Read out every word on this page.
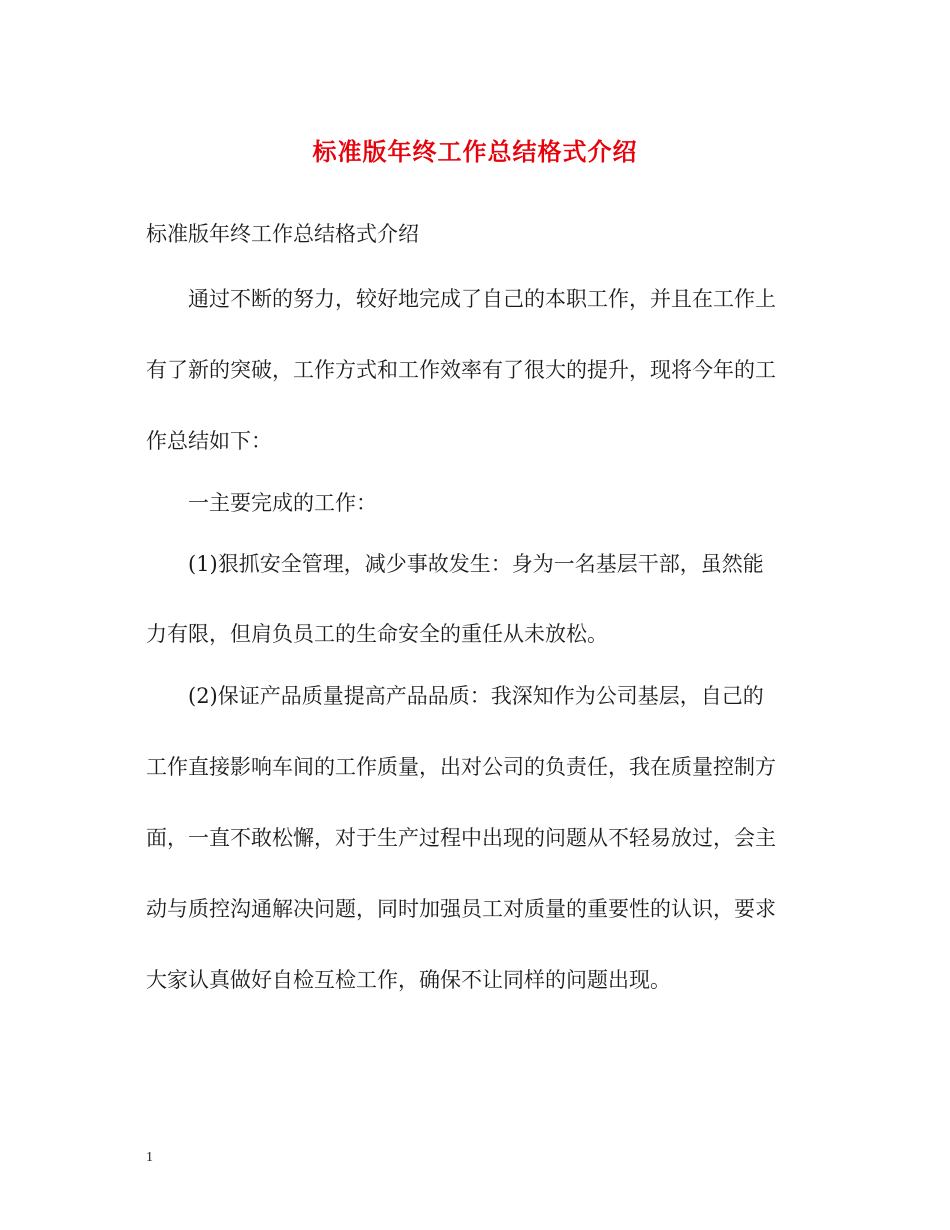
标准版年终工作总结格式介绍
标准版年终工作总结格式介绍
通过不断的努力，较好地完成了自己的本职工作，并且在工作上
有了新的突破，工作方式和工作效率有了很大的提升，现将今年的工
作总结如下：
一主要完成的工作：
(1)狠抓安全管理，减少事故发生：身为一名基层干部，虽然能
力有限，但肩负员工的生命安全的重任从未放松。
(2)保证产品质量提高产品品质：我深知作为公司基层，自己的
工作直接影响车间的工作质量，出对公司的负责任，我在质量控制方
面，一直不敢松懈，对于生产过程中出现的问题从不轻易放过，会主
动与质控沟通解决问题，同时加强员工对质量的重要性的认识，要求
大家认真做好自检互检工作，确保不让同样的问题出现。
1
